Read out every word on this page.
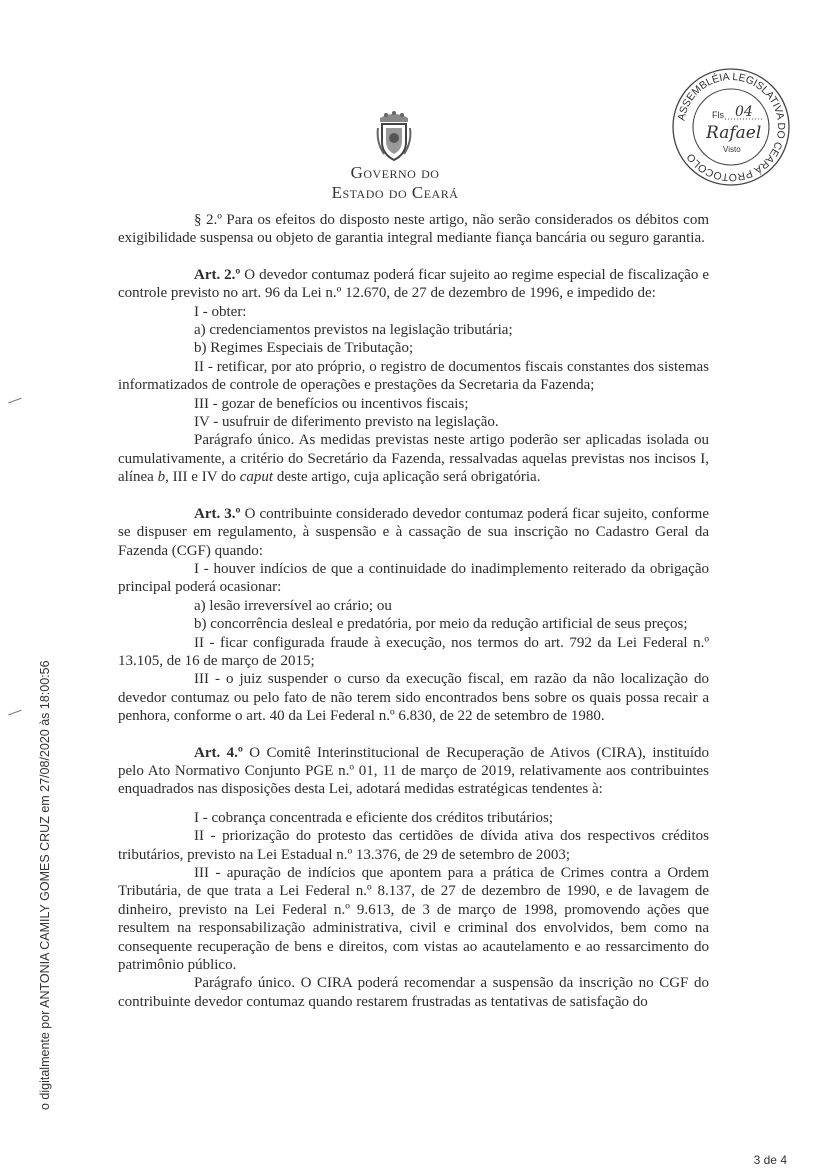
Governo do
Estado do Ceará
ASSEMBLÉIA LEGISLATIVA DO CEARÁ PROTOCOLO
Fls 04
Rafael
Visto
o digitalmente por ANTONIA CAMILY GOMES CRUZ em 27/08/2020 às 18:00:56

§ 2.º Para os efeitos do disposto neste artigo, não serão considerados os débitos com exigibilidade suspensa ou objeto de garantia integral mediante fiança bancária ou seguro garantia.

Art. 2.º O devedor contumaz poderá ficar sujeito ao regime especial de fiscalização e controle previsto no art. 96 da Lei n.º 12.670, de 27 de dezembro de 1996, e impedido de:

I - obter:

a) credenciamentos previstos na legislação tributária;

b) Regimes Especiais de Tributação;

II - retificar, por ato próprio, o registro de documentos fiscais constantes dos sistemas informatizados de controle de operações e prestações da Secretaria da Fazenda;

III - gozar de benefícios ou incentivos fiscais;

IV - usufruir de diferimento previsto na legislação.

Parágrafo único. As medidas previstas neste artigo poderão ser aplicadas isolada ou cumulativamente, a critério do Secretário da Fazenda, ressalvadas aquelas previstas nos incisos I, alínea b, III e IV do caput deste artigo, cuja aplicação será obrigatória.

Art. 3.º O contribuinte considerado devedor contumaz poderá ficar sujeito, conforme se dispuser em regulamento, à suspensão e à cassação de sua inscrição no Cadastro Geral da Fazenda (CGF) quando:

I - houver indícios de que a continuidade do inadimplemento reiterado da obrigação principal poderá ocasionar:

a) lesão irreversível ao crário; ou

b) concorrência desleal e predatória, por meio da redução artificial de seus preços;

II - ficar configurada fraude à execução, nos termos do art. 792 da Lei Federal n.º 13.105, de 16 de março de 2015;

III - o juiz suspender o curso da execução fiscal, em razão da não localização do devedor contumaz ou pelo fato de não terem sido encontrados bens sobre os quais possa recair a penhora, conforme o art. 40 da Lei Federal n.º 6.830, de 22 de setembro de 1980.

Art. 4.º O Comitê Interinstitucional de Recuperação de Ativos (CIRA), instituído pelo Ato Normativo Conjunto PGE n.º 01, 11 de março de 2019, relativamente aos contribuintes enquadrados nas disposições desta Lei, adotará medidas estratégicas tendentes à:

I - cobrança concentrada e eficiente dos créditos tributários;

II - priorização do protesto das certidões de dívida ativa dos respectivos créditos tributários, previsto na Lei Estadual n.º 13.376, de 29 de setembro de 2003;

III - apuração de indícios que apontem para a prática de Crimes contra a Ordem Tributária, de que trata a Lei Federal n.º 8.137, de 27 de dezembro de 1990, e de lavagem de dinheiro, previsto na Lei Federal n.º 9.613, de 3 de março de 1998, promovendo ações que resultem na responsabilização administrativa, civil e criminal dos envolvidos, bem como na consequente recuperação de bens e direitos, com vistas ao acautelamento e ao ressarcimento do patrimônio público.

Parágrafo único. O CIRA poderá recomendar a suspensão da inscrição no CGF do contribuinte devedor contumaz quando restarem frustradas as tentativas de satisfação do

3 de 4
